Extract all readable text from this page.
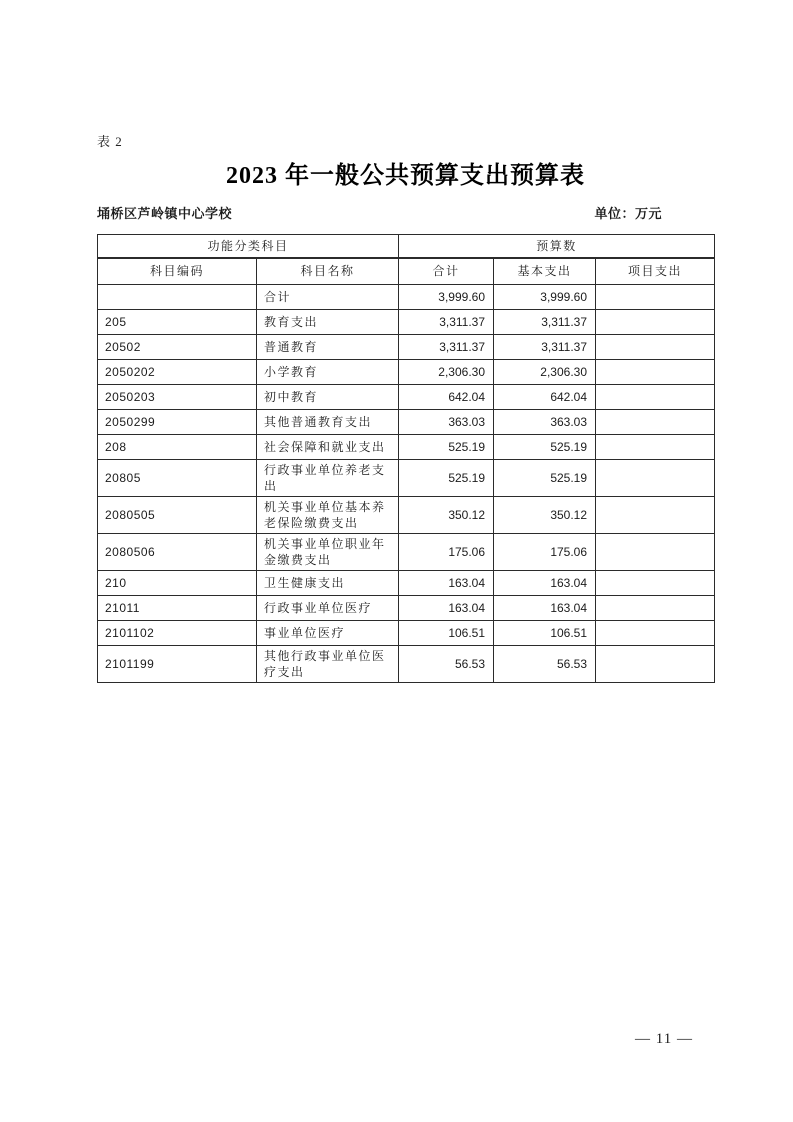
表 2
2023 年一般公共预算支出预算表
埇桥区芦岭镇中心学校	单位：万元
功能分类科目		预算数		
科目编码	科目名称	合计	基本支出	项目支出
	合计	3,999.60	3,999.60	
205	教育支出	3,311.37	3,311.37	
20502	普通教育	3,311.37	3,311.37	
2050202	小学教育	2,306.30	2,306.30	
2050203	初中教育	642.04	642.04	
2050299	其他普通教育支出	363.03	363.03	
208	社会保障和就业支出	525.19	525.19	
20805	行政事业单位养老支出	525.19	525.19	
2080505	机关事业单位基本养老保险缴费支出	350.12	350.12	
2080506	机关事业单位职业年金缴费支出	175.06	175.06	
210	卫生健康支出	163.04	163.04	
21011	行政事业单位医疗	163.04	163.04	
2101102	事业单位医疗	106.51	106.51	
2101199	其他行政事业单位医疗支出	56.53	56.53	
— 11 —
